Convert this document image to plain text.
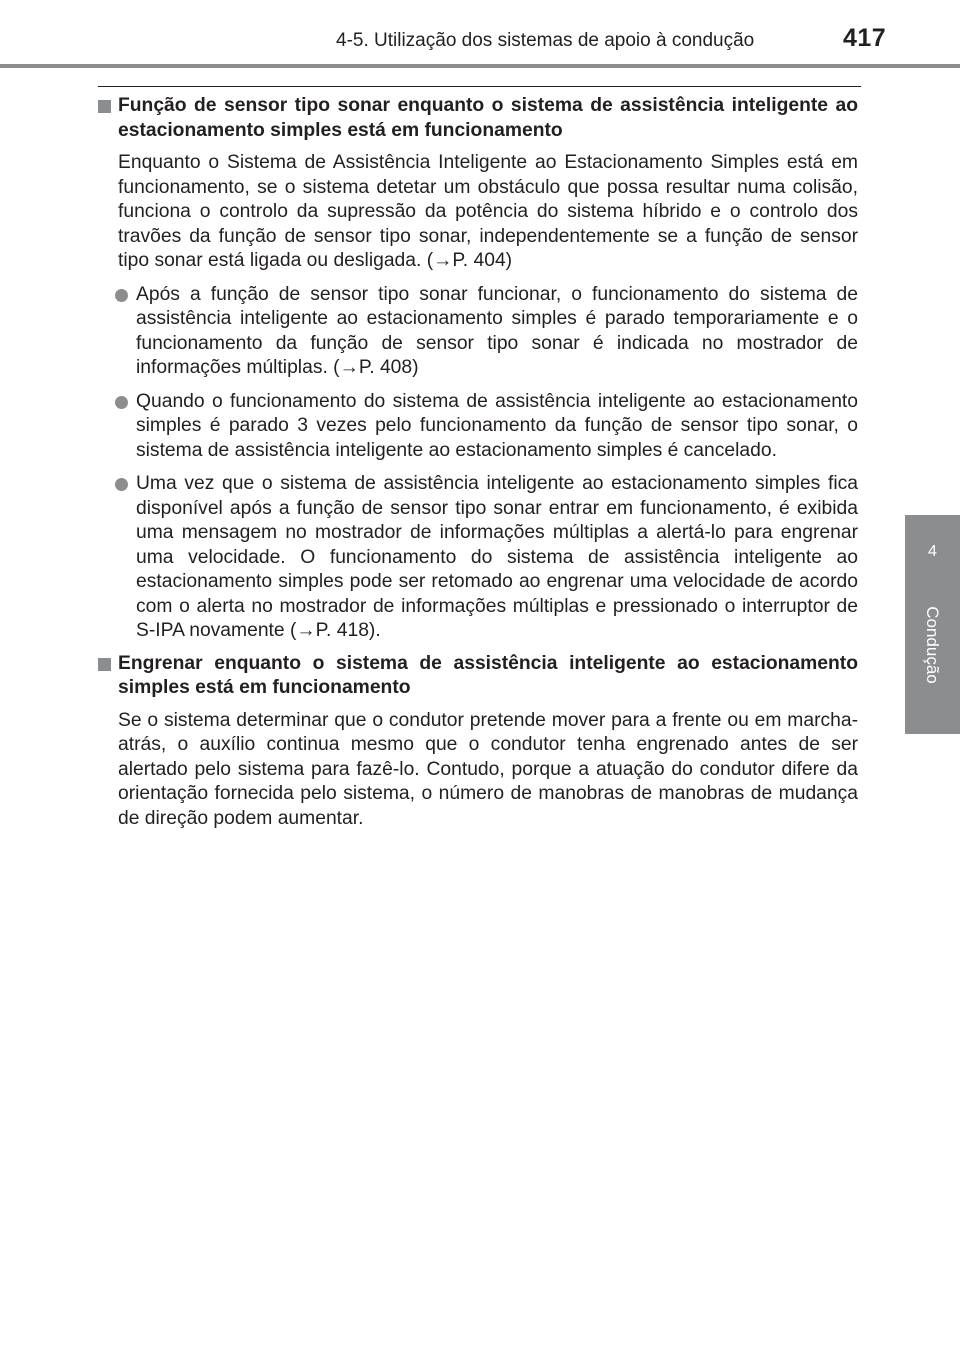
4-5. Utilização dos sistemas de apoio à condução	417
4
Condução
Função de sensor tipo sonar enquanto o sistema de assistência inteligente ao estacionamento simples está em funcionamento

Enquanto o Sistema de Assistência Inteligente ao Estacionamento Simples está em funcionamento, se o sistema detetar um obstáculo que possa resultar numa colisão, funciona o controlo da supressão da potência do sistema híbrido e o controlo dos travões da função de sensor tipo sonar, independentemente se a função de sensor tipo sonar está ligada ou desligada. (→P. 404)

Após a função de sensor tipo sonar funcionar, o funcionamento do sistema de assistência inteligente ao estacionamento simples é parado temporariamente e o funcionamento da função de sensor tipo sonar é indicada no mostrador de informações múltiplas. (→P. 408)
Quando o funcionamento do sistema de assistência inteligente ao estacionamento simples é parado 3 vezes pelo funcionamento da função de sensor tipo sonar, o sistema de assistência inteligente ao estacionamento simples é cancelado.
Uma vez que o sistema de assistência inteligente ao estacionamento simples fica disponível após a função de sensor tipo sonar entrar em funcionamento, é exibida uma mensagem no mostrador de informações múltiplas a alertá-lo para engrenar uma velocidade. O funcionamento do sistema de assistência inteligente ao estacionamento simples pode ser retomado ao engrenar uma velocidade de acordo com o alerta no mostrador de informações múltiplas e pressionado o interruptor de S-IPA novamente (→P. 418).
Engrenar enquanto o sistema de assistência inteligente ao estacionamento simples está em funcionamento

Se o sistema determinar que o condutor pretende mover para a frente ou em marcha-atrás, o auxílio continua mesmo que o condutor tenha engrenado antes de ser alertado pelo sistema para fazê-lo. Contudo, porque a atuação do condutor difere da orientação fornecida pelo sistema, o número de manobras de manobras de mudança de direção podem aumentar.
